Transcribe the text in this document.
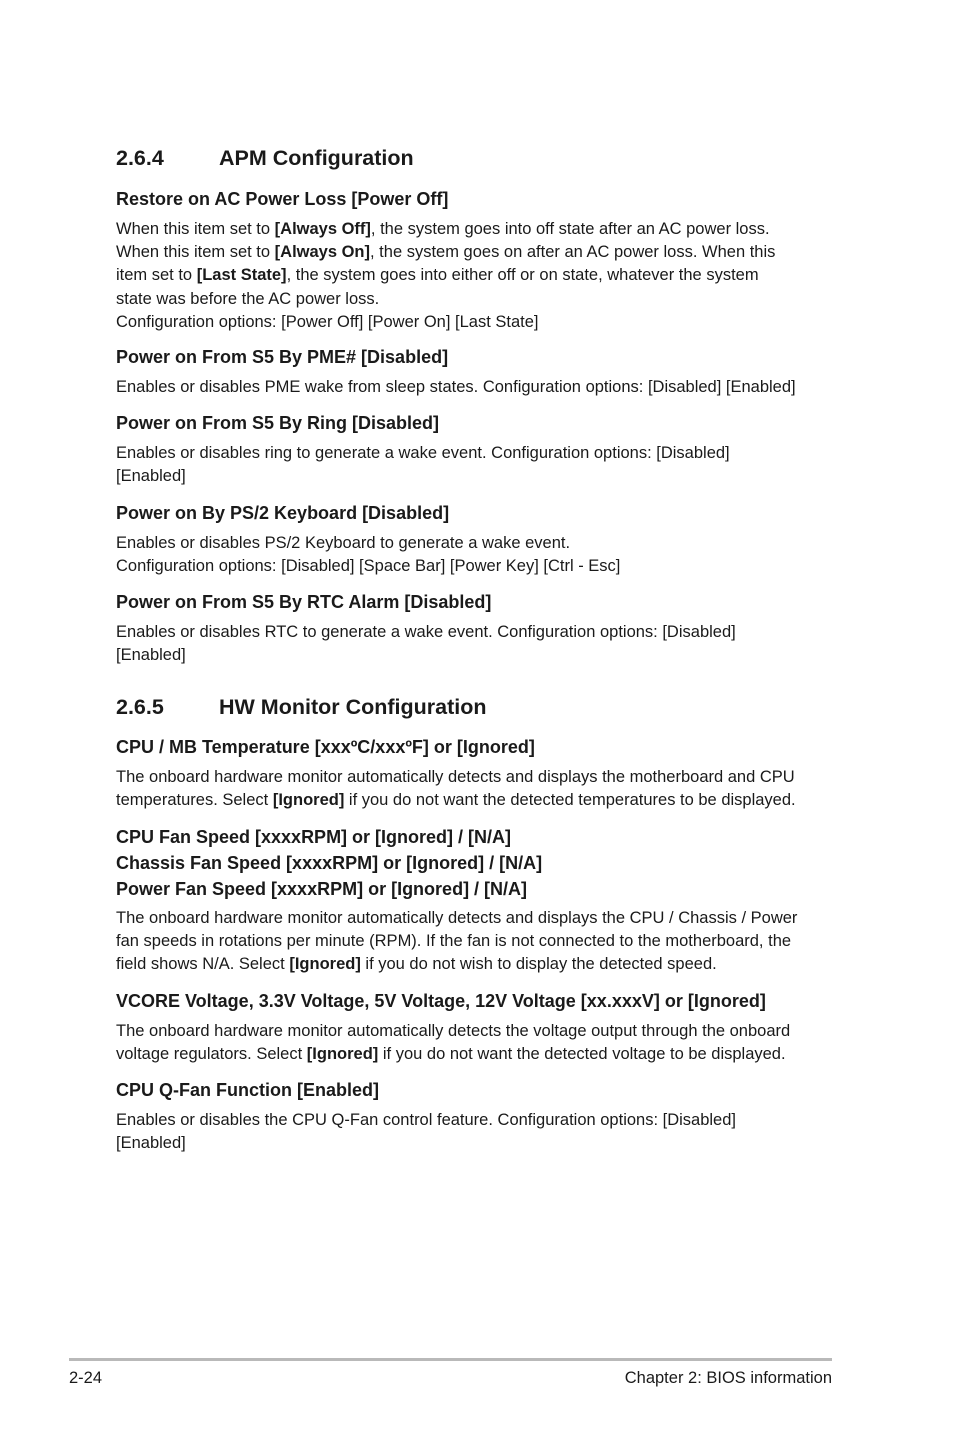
2.6.4	APM Configuration
Restore on AC Power Loss [Power Off]
When this item set to [Always Off], the system goes into off state after an AC power loss.
When this item set to [Always On], the system goes on after an AC power loss. When this
item set to [Last State], the system goes into either off or on state, whatever the system
state was before the AC power loss.
Configuration options: [Power Off] [Power On] [Last State]
Power on From S5 By PME# [Disabled]
Enables or disables PME wake from sleep states. Configuration options: [Disabled] [Enabled]
Power on From S5 By Ring [Disabled]
Enables or disables ring to generate a wake event. Configuration options: [Disabled]
[Enabled]
Power on By PS/2 Keyboard [Disabled]
Enables or disables PS/2 Keyboard to generate a wake event.
Configuration options: [Disabled] [Space Bar] [Power Key] [Ctrl - Esc]
Power on From S5 By RTC Alarm [Disabled]
Enables or disables RTC to generate a wake event. Configuration options: [Disabled]
[Enabled]
2.6.5	HW Monitor Configuration
CPU / MB Temperature [xxxºC/xxxºF] or [Ignored]
The onboard hardware monitor automatically detects and displays the motherboard and CPU
temperatures. Select [Ignored] if you do not want the detected temperatures to be displayed.
CPU Fan Speed [xxxxRPM] or [Ignored] / [N/A]
Chassis Fan Speed [xxxxRPM] or [Ignored] / [N/A]
Power Fan Speed [xxxxRPM] or [Ignored] / [N/A]
The onboard hardware monitor automatically detects and displays the CPU / Chassis / Power
fan speeds in rotations per minute (RPM). If the fan is not connected to the motherboard, the
field shows N/A. Select [Ignored] if you do not wish to display the detected speed.
VCORE Voltage, 3.3V Voltage, 5V Voltage, 12V Voltage [xx.xxxV] or [Ignored]
The onboard hardware monitor automatically detects the voltage output through the onboard
voltage regulators. Select [Ignored] if you do not want the detected voltage to be displayed.
CPU Q-Fan Function [Enabled]
Enables or disables the CPU Q-Fan control feature. Configuration options: [Disabled]
[Enabled]
2-24	Chapter 2: BIOS information
